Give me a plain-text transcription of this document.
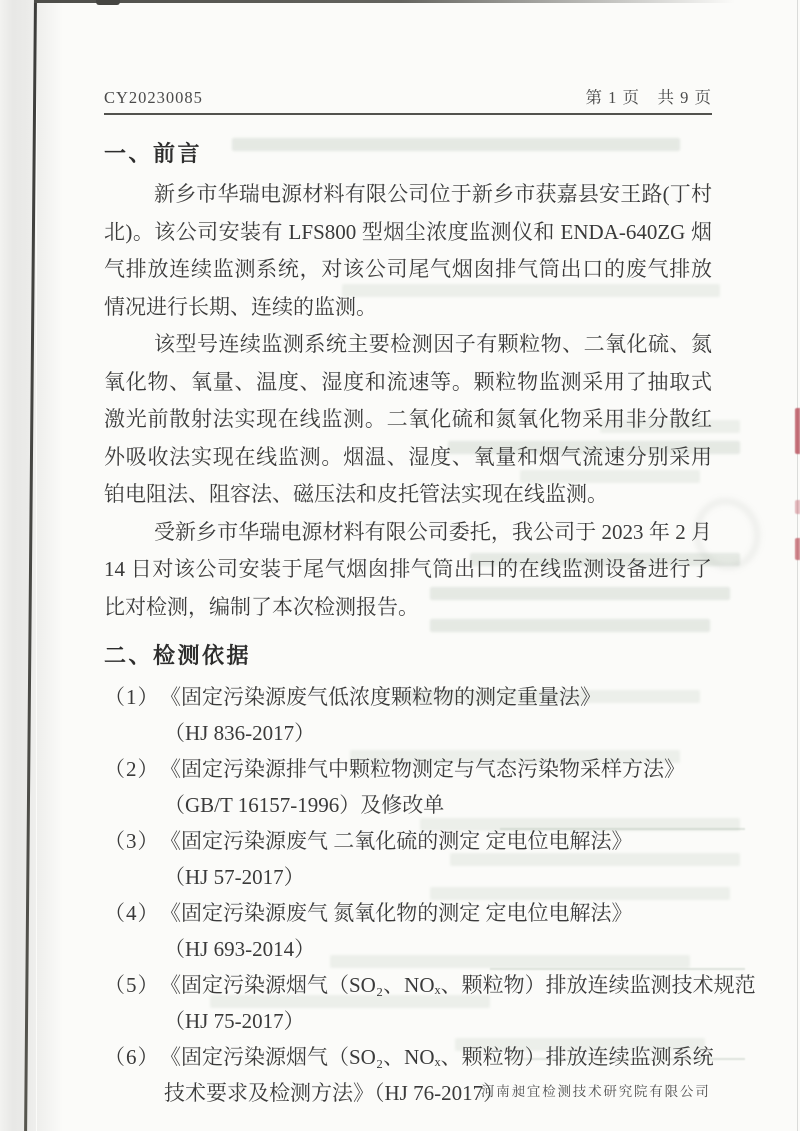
CY20230085	第 1 页　共 9 页
一、前言

新乡市华瑞电源材料有限公司位于新乡市获嘉县安王路(丁村北)。该公司安装有 LFS800 型烟尘浓度监测仪和 ENDA-640ZG 烟气排放连续监测系统，对该公司尾气烟囱排气筒出口的废气排放情况进行长期、连续的监测。

该型号连续监测系统主要检测因子有颗粒物、二氧化硫、氮氧化物、氧量、温度、湿度和流速等。颗粒物监测采用了抽取式激光前散射法实现在线监测。二氧化硫和氮氧化物采用非分散红外吸收法实现在线监测。烟温、湿度、氧量和烟气流速分别采用铂电阻法、阻容法、磁压法和皮托管法实现在线监测。

受新乡市华瑞电源材料有限公司委托，我公司于 2023 年 2 月 14 日对该公司安装于尾气烟囱排气筒出口的在线监测设备进行了比对检测，编制了本次检测报告。

二、检测依据
（1） 《固定污染源废气低浓度颗粒物的测定重量法》
（HJ 836-2017）
（2） 《固定污染源排气中颗粒物测定与气态污染物采样方法》
（GB/T 16157-1996）及修改单
（3） 《固定污染源废气 二氧化硫的测定 定电位电解法》
（HJ 57-2017）
（4） 《固定污染源废气 氮氧化物的测定 定电位电解法》
（HJ 693-2014）
（5） 《固定污染源烟气（SO₂、NOₓ、颗粒物）排放连续监测技术规范
（HJ 75-2017）
（6） 《固定污染源烟气（SO₂、NOₓ、颗粒物）排放连续监测系统
技术要求及检测方法》（HJ 76-2017）
河南昶宜检测技术研究院有限公司
